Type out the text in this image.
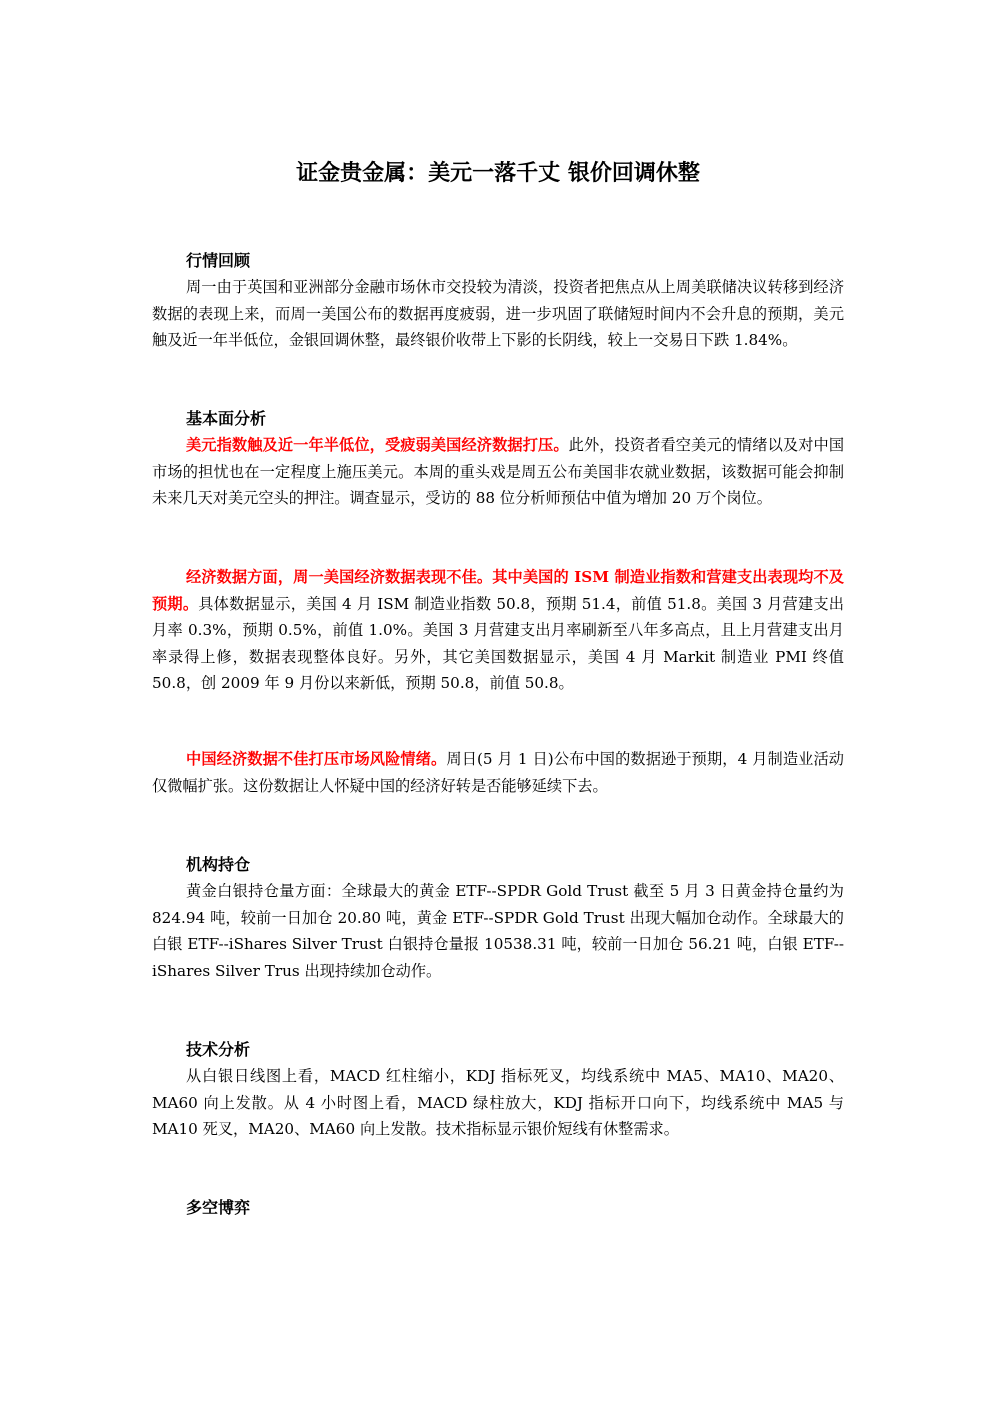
证金贵金属：美元一落千丈 银价回调休整
行情回顾

周一由于英国和亚洲部分金融市场休市交投较为清淡，投资者把焦点从上周美联储决议转移到经济数据的表现上来，而周一美国公布的数据再度疲弱，进一步巩固了联储短时间内不会升息的预期，美元触及近一年半低位，金银回调休整，最终银价收带上下影的长阴线，较上一交易日下跌 1.84%。

基本面分析

美元指数触及近一年半低位，受疲弱美国经济数据打压。此外，投资者看空美元的情绪以及对中国市场的担忧也在一定程度上施压美元。本周的重头戏是周五公布美国非农就业数据，该数据可能会抑制未来几天对美元空头的押注。调查显示，受访的 88 位分析师预估中值为增加 20 万个岗位。

经济数据方面，周一美国经济数据表现不佳。其中美国的 ISM 制造业指数和营建支出表现均不及预期。具体数据显示，美国 4 月 ISM 制造业指数 50.8，预期 51.4，前值 51.8。美国 3 月营建支出月率 0.3%，预期 0.5%，前值 1.0%。美国 3 月营建支出月率刷新至八年多高点，且上月营建支出月率录得上修，数据表现整体良好。另外，其它美国数据显示，美国 4 月 Markit 制造业 PMI 终值 50.8，创 2009 年 9 月份以来新低，预期 50.8，前值 50.8。

中国经济数据不佳打压市场风险情绪。周日(5 月 1 日)公布中国的数据逊于预期，4 月制造业活动仅微幅扩张。这份数据让人怀疑中国的经济好转是否能够延续下去。

机构持仓

黄金白银持仓量方面：全球最大的黄金 ETF--SPDR Gold Trust 截至 5 月 3 日黄金持仓量约为 824.94 吨，较前一日加仓 20.80 吨，黄金 ETF--SPDR Gold Trust 出现大幅加仓动作。全球最大的白银 ETF--iShares Silver Trust 白银持仓量报 10538.31 吨，较前一日加仓 56.21 吨，白银 ETF--iShares Silver Trus 出现持续加仓动作。

技术分析

从白银日线图上看，MACD 红柱缩小，KDJ 指标死叉，均线系统中 MA5、MA10、MA20、MA60 向上发散。从 4 小时图上看，MACD 绿柱放大，KDJ 指标开口向下，均线系统中 MA5 与 MA10 死叉，MA20、MA60 向上发散。技术指标显示银价短线有休整需求。

多空博弈
